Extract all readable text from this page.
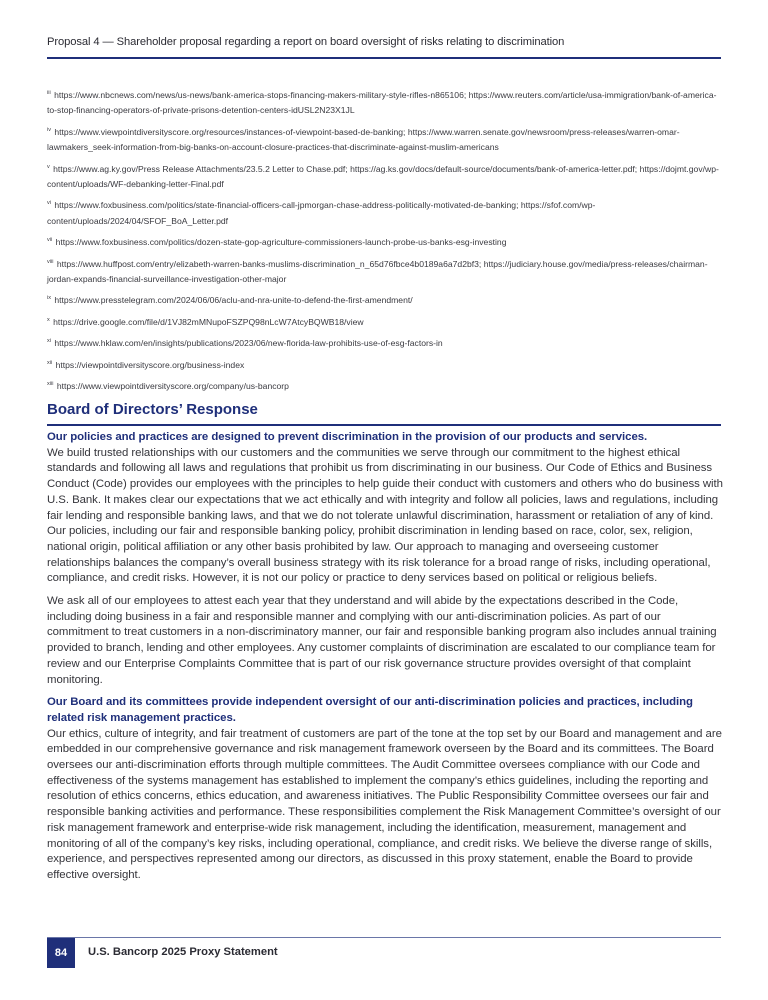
Proposal 4 — Shareholder proposal regarding a report on board oversight of risks relating to discrimination

$^{iii}$ https://www.nbcnews.com/news/us-news/bank-america-stops-financing-makers-military-style-rifles-n865106; https://www.reuters.com/article/usa-immigration/bank-of-america-to-stop-financing-operators-of-private-prisons-detention-centers-idUSL2N23X1JL

$^{iv}$ https://www.viewpointdiversityscore.org/resources/instances-of-viewpoint-based-de-banking; https://www.warren.senate.gov/newsroom/press-releases/warren-omar-lawmakers_seek-information-from-big-banks-on-account-closure-practices-that-discriminate-against-muslim-americans

$^v$ https://www.ag.ky.gov/Press Release Attachments/23.5.2 Letter to Chase.pdf; https://ag.ks.gov/docs/default-source/documents/bank-of-america-letter.pdf; https://dojmt.gov/wp-content/uploads/WF-debanking-letter-Final.pdf

$^{vi}$ https://www.foxbusiness.com/politics/state-financial-officers-call-jpmorgan-chase-address-politically-motivated-de-banking; https://sfof.com/wp-content/uploads/2024/04/SFOF_BoA_Letter.pdf

$^{vii}$ https://www.foxbusiness.com/politics/dozen-state-gop-agriculture-commissioners-launch-probe-us-banks-esg-investing

$^{viii}$ https://www.huffpost.com/entry/elizabeth-warren-banks-muslims-discrimination_n_65d76fbce4b0189a6a7d2bf3; https://judiciary.house.gov/media/press-releases/chairman-jordan-expands-financial-surveillance-investigation-other-major

$^{ix}$ https://www.presstelegram.com/2024/06/06/aclu-and-nra-unite-to-defend-the-first-amendment/

$^x$ https://drive.google.com/file/d/1VJ82mMNupoFSZPQ98nLcW7AtcyBQWB18/view

$^{xi}$ https://www.hklaw.com/en/insights/publications/2023/06/new-florida-law-prohibits-use-of-esg-factors-in

$^{xii}$ https://viewpointdiversityscore.org/business-index

$^{xiii}$ https://www.viewpointdiversityscore.org/company/us-bancorp

Board of Directors’ Response

Our policies and practices are designed to prevent discrimination in the provision of our products and services.
We build trusted relationships with our customers and the communities we serve through our commitment to the highest ethical standards and following all laws and regulations that prohibit us from discriminating in our business. Our Code of Ethics and Business Conduct (Code) provides our employees with the principles to help guide their conduct with customers and others who do business with U.S. Bank. It makes clear our expectations that we act ethically and with integrity and follow all policies, laws and regulations, including fair lending and responsible banking laws, and that we do not tolerate unlawful discrimination, harassment or retaliation of any of kind. Our policies, including our fair and responsible banking policy, prohibit discrimination in lending based on race, color, sex, religion, national origin, political affiliation or any other basis prohibited by law. Our approach to managing and overseeing customer relationships balances the company’s overall business strategy with its risk tolerance for a broad range of risks, including operational, compliance, and credit risks. However, it is not our policy or practice to deny services based on political or religious beliefs.

We ask all of our employees to attest each year that they understand and will abide by the expectations described in the Code, including doing business in a fair and responsible manner and complying with our anti-discrimination policies. As part of our commitment to treat customers in a non-discriminatory manner, our fair and responsible banking program also includes annual training provided to branch, lending and other employees. Any customer complaints of discrimination are escalated to our compliance team for review and our Enterprise Complaints Committee that is part of our risk governance structure provides oversight of that complaint monitoring.

Our Board and its committees provide independent oversight of our anti-discrimination policies and practices, including related risk management practices.
Our ethics, culture of integrity, and fair treatment of customers are part of the tone at the top set by our Board and management and are embedded in our comprehensive governance and risk management framework overseen by the Board and its committees. The Board oversees our anti-discrimination efforts through multiple committees. The Audit Committee oversees compliance with our Code and effectiveness of the systems management has established to implement the company’s ethics guidelines, including the reporting and resolution of ethics concerns, ethics education, and awareness initiatives. The Public Responsibility Committee oversees our fair and responsible banking activities and performance. These responsibilities complement the Risk Management Committee’s oversight of our risk management framework and enterprise-wide risk management, including the identification, measurement, management and monitoring of all of the company’s key risks, including operational, compliance, and credit risks. We believe the diverse range of skills, experience, and perspectives represented among our directors, as discussed in this proxy statement, enable the Board to provide effective oversight.

84	U.S. Bancorp 2025 Proxy Statement
